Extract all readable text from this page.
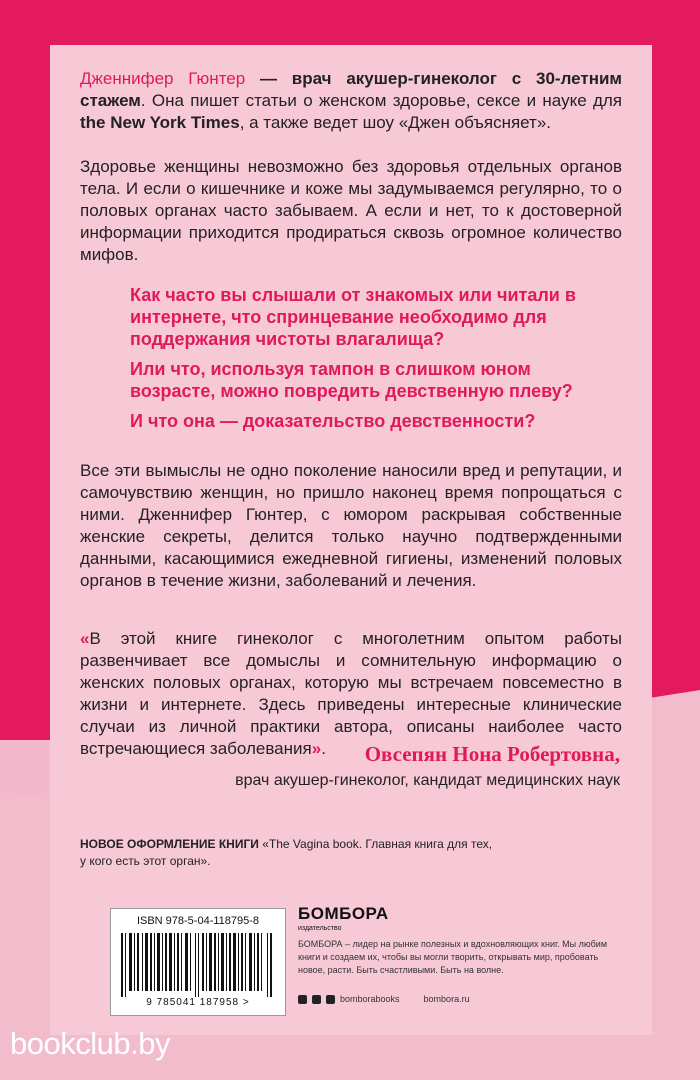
Дженнифер Гюнтер — врач акушер-гинеколог с 30-летним стажем. Она пишет статьи о женском здоровье, сексе и науке для the New York Times, а также ведет шоу «Джен объясняет».

Здоровье женщины невозможно без здоровья отдельных органов тела. И если о кишечнике и коже мы задумываемся регулярно, то о половых органах часто забываем. А если и нет, то к достоверной информации приходится продираться сквозь огромное количество мифов.

Как часто вы слышали от знакомых или читали в интернете, что спринцевание необходимо для поддержания чистоты влагалища?

Или что, используя тампон в слишком юном возрасте, можно повредить девственную плеву?

И что она — доказательство девственности?

Все эти вымыслы не одно поколение наносили вред и репутации, и самочувствию женщин, но пришло наконец время попрощаться с ними. Дженнифер Гюнтер, с юмором раскрывая собственные женские секреты, делится только научно подтвержденными данными, касающимися ежедневной гигиены, изменений половых органов в течение жизни, заболеваний и лечения.

«В этой книге гинеколог с многолетним опытом работы развенчивает все домыслы и сомнительную информацию о женских половых органах, которую мы встречаем повсеместно в жизни и интернете. Здесь приведены интересные клинические случаи из личной практики автора, описаны наиболее часто встречающиеся заболевания».	Овсепян Нона Робертовна,
врач акушер-гинеколог, кандидат медицинских наук
НОВОЕ ОФОРМЛЕНИЕ КНИГИ «The Vagina book. Главная книга для тех, у кого есть этот орган».
ISBN 978-5-04-118795-8
9 785041 187958 >
БОМБОРА
издательство
БОМБОРА – лидер на рынке полезных и вдохновляющих книг. Мы любим книги и создаем их, чтобы вы могли творить, открывать мир, пробовать новое, расти. Быть счастливыми. Быть на волне.
bomborabooks	bombora.ru
bookclub.by
